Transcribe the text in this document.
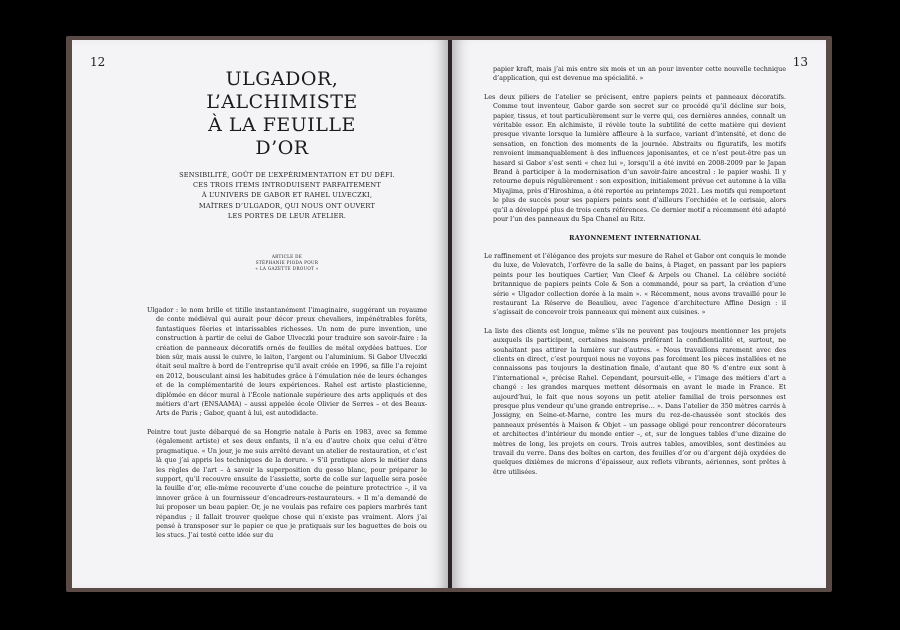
12
ULGADOR,
L’ALCHIMISTE
À LA FEUILLE
D’OR
SENSIBILITÉ, GOÛT DE L’EXPÉRIMENTATION ET DU DÉFI.
CES TROIS ITEMS INTRODUISENT PARFAITEMENT
À L’UNIVERS DE GABOR ET RAHEL ULVECZKI,
MAÎTRES D’ULGADOR, QUI NOUS ONT OUVERT
LES PORTES DE LEUR ATELIER.
ARTICLE DE
STÉPHANIE PIODA POUR
« LA GAZETTE DROUOT »

Ulgador : le nom brille et titille instantanément l’imaginaire, suggérant un royaume de conte médiéval qui aurait pour décor preux chevaliers, impénétrables forêts, fantastiques fêeries et intarissables richesses. Un nom de pure invention, une construction à partir de celui de Gabor Ulveczki pour traduire son savoir-faire : la création de panneaux décoratifs ornés de feuilles de métal oxydées battues. L’or bien sûr, mais aussi le cuivre, le laiton, l’argent ou l’aluminium. Si Gabor Ulveczki était seul maître à bord de l’entreprise qu’il avait créée en 1996, sa fille l’a rejoint en 2012, bousculant ainsi les habitudes grâce à l’émulation née de leurs échanges et de la complémentarité de leurs expériences. Rahel est artiste plasticienne, diplômée en décor mural à l’École nationale supérieure des arts appliqués et des métiers d’art (ENSAAMA) – aussi appelée école Olivier de Serres – et des Beaux-Arts de Paris ; Gabor, quant à lui, est autodidacte.

Peintre tout juste débarqué de sa Hongrie natale à Paris en 1983, avec sa femme (également artiste) et ses deux enfants, il n’a eu d’autre choix que celui d’être pragmatique. « Un jour, je me suis arrêté devant un atelier de restauration, et c’est là que j’ai appris les techniques de la dorure. » S’il pratique alors le métier dans les règles de l’art – à savoir la superposition du gesso blanc, pour préparer le support, qu’il recouvre ensuite de l’assiette, sorte de colle sur laquelle sera posée la feuille d’or, elle-même recouverte d’une couche de peinture protectrice –, il va innover grâce à un fournisseur d’encadreurs-restaurateurs. « Il m’a demandé de lui proposer un beau papier. Or, je ne voulais pas refaire ces papiers marbrés tant répandus ; il fallait trouver quelque chose qui n’existe pas vraiment. Alors j’ai pensé à transposer sur le papier ce que je pratiquais sur les baguettes de bois ou les stucs. J’ai testé cette idée sur du

13

papier kraft, mais j’ai mis entre six mois et un an pour inventer cette nouvelle technique d’application, qui est devenue ma spécialité. »

Les deux piliers de l’atelier se précisent, entre papiers peints et panneaux décoratifs. Comme tout inventeur, Gabor garde son secret sur ce procédé qu’il décline sur bois, papier, tissus, et tout particulièrement sur le verre qui, ces dernières années, connaît un véritable essor. En alchimiste, il révèle toute la subtilité de cette matière qui devient presque vivante lorsque la lumière affleure à la surface, variant d’intensité, et donc de sensation, en fonction des moments de la journée. Abstraits ou figuratifs, les motifs renvoient immanquablement à des influences japonisantes, et ce n’est peut-être pas un hasard si Gabor s’est senti « chez lui », lorsqu’il a été invité en 2008-2009 par le Japan Brand à participer à la modernisation d’un savoir-faire ancestral : le papier washi. Il y retourne depuis régulièrement : son exposition, initialement prévue cet automne à la villa Miyajima, près d’Hiroshima, a été reportée au printemps 2021. Les motifs qui remportent le plus de succès pour ses papiers peints sont d’ailleurs l’orchidée et le cerisaie, alors qu’il a développé plus de trois cents références. Ce dernier motif a récemment été adapté pour l’un des panneaux du Spa Chanel au Ritz.

RAYONNEMENT INTERNATIONAL

Le raffinement et l’élégance des projets sur mesure de Rahel et Gabor ont conquis le monde du luxe, de Volevatch, l’orfèvre de la salle de bains, à Piaget, en passant par les papiers peints pour les boutiques Cartier, Van Cleef & Arpels ou Chanel. La célèbre société britannique de papiers peints Cole & Son a commandé, pour sa part, la création d’une série « Ulgador collection dorée à la main ». « Récemment, nous avons travaillé pour le restaurant La Réserve de Beaulieu, avec l’agence d’architecture Affine Design : il s’agissait de concevoir trois panneaux qui mènent aux cuisines. »

La liste des clients est longue, même s’ils ne peuvent pas toujours mentionner les projets auxquels ils participent, certaines maisons préférant la confidentialité et, surtout, ne souhaitant pas attirer la lumière sur d’autres. « Nous travaillons rarement avec des clients en direct, c’est pourquoi nous ne voyons pas forcément les pièces installées et ne connaissons pas toujours la destination finale, d’autant que 80 % d’entre eux sont à l’international », précise Rahel. Cependant, poursuit-elle, « l’image des métiers d’art a changé : les grandes marques mettent désormais en avant le made in France. Et aujourd’hui, le fait que nous soyons un petit atelier familial de trois personnes est presque plus vendeur qu’une grande entreprise… ». Dans l’atelier de 350 mètres carrés à Jossigny, en Seine-et-Marne, contre les murs du rez-de-chaussée sont stockés des panneaux présentés à Maison & Objet – un passage obligé pour rencontrer décorateurs et architectes d’intérieur du monde entier –, et, sur de longues tables d’une dizaine de mètres de long, les projets en cours. Trois autres tables, amovibles, sont destinées au travail du verre. Dans des boîtes en carton, des feuilles d’or ou d’argent déjà oxydées de quelques dixièmes de microns d’épaisseur, aux reflets vibrants, aériennes, sont prêtes à être utilisées.
